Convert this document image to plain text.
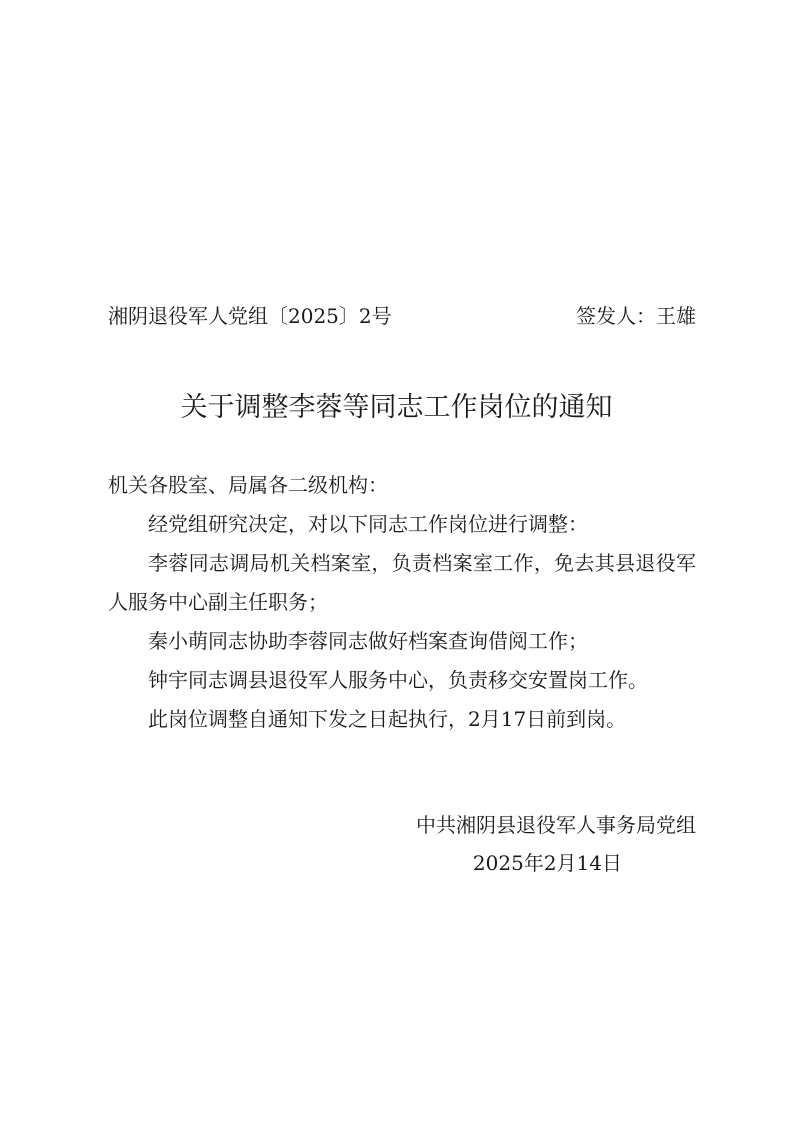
湘阴退役军人党组〔2025〕2号	签发人：王雄
关于调整李蓉等同志工作岗位的通知

机关各股室、局属各二级机构：

经党组研究决定，对以下同志工作岗位进行调整：

李蓉同志调局机关档案室，负责档案室工作，免去其县退役军人服务中心副主任职务；

秦小萌同志协助李蓉同志做好档案查询借阅工作；

钟宇同志调县退役军人服务中心，负责移交安置岗工作。

此岗位调整自通知下发之日起执行，2月17日前到岗。

中共湘阴县退役军人事务局党组
2025年2月14日
